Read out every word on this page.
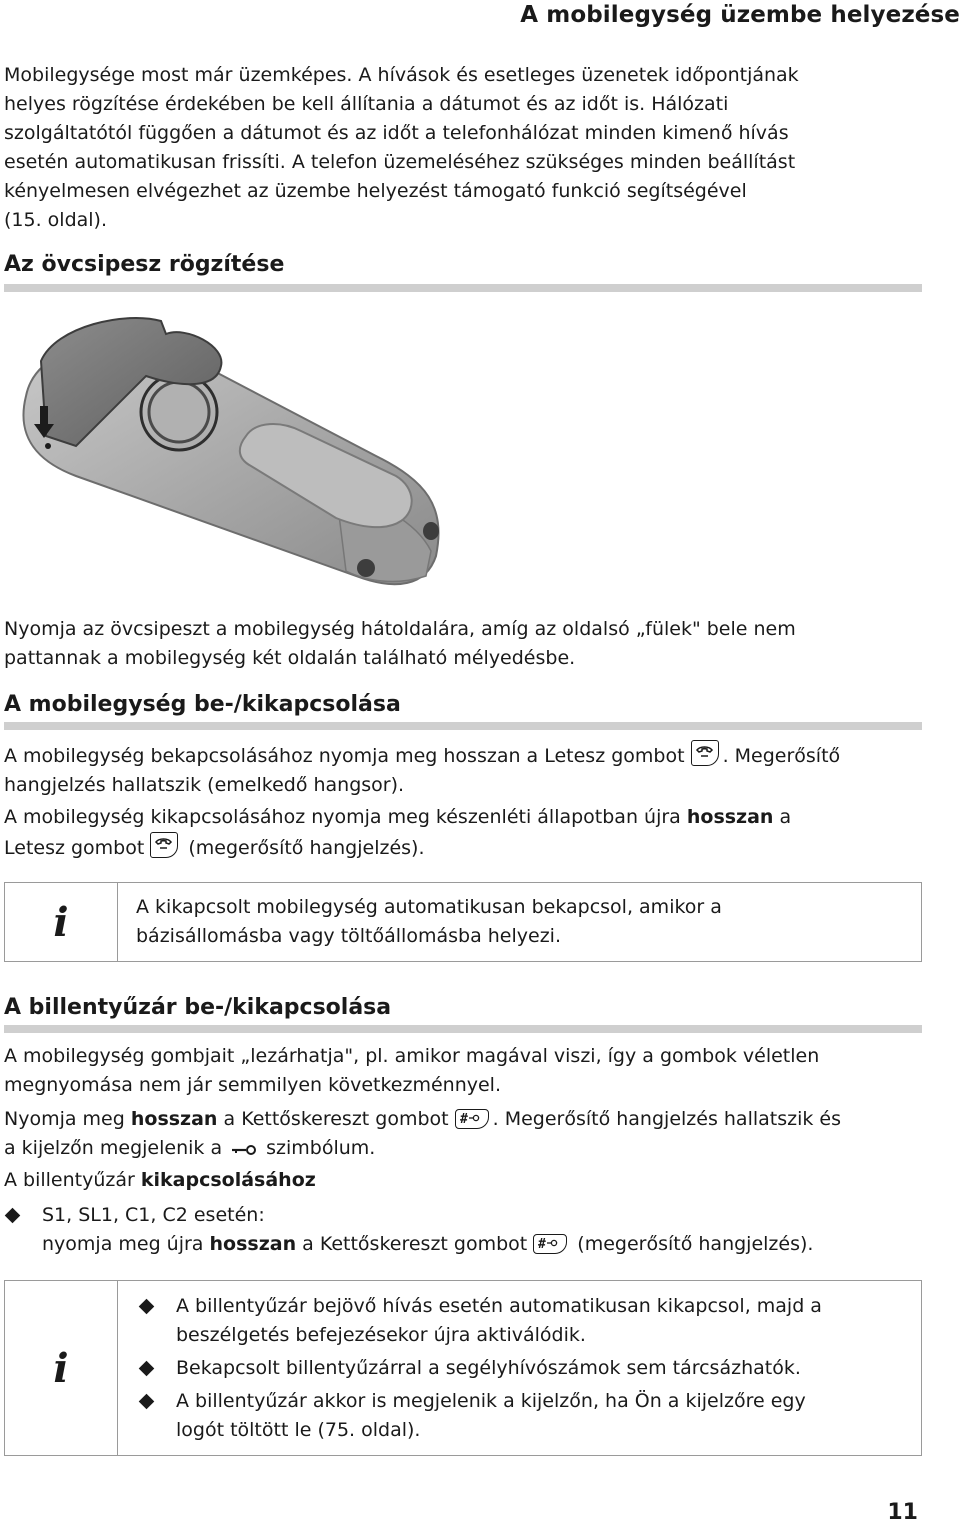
A mobilegység üzembe helyezése

Mobilegysége most már üzemképes. A hívások és esetleges üzenetek időpontjának

helyes rögzítése érdekében be kell állítania a dátumot és az időt is. Hálózati

szolgáltatótól függően a dátumot és az időt a telefonhálózat minden kimenő hívás

esetén automatikusan frissíti. A telefon üzemeléséhez szükséges minden beállítást

kényelmesen elvégezhet az üzembe helyezést támogató funkció segítségével

(15. oldal).

Az övcsipesz rögzítése

Nyomja az övcsipeszt a mobilegység hátoldalára, amíg az oldalsó „fülek" bele nem

pattannak a mobilegység két oldalán található mélyedésbe.

A mobilegység be-/kikapcsolása

A mobilegység bekapcsolásához nyomja meg hosszan a Letesz gombot . Megerősítő

hangjelzés hallatszik (emelkedő hangsor).

A mobilegység kikapcsolásához nyomja meg készenléti állapotban újra hosszan a

Letesz gombot
(megerősítő hangjelzés).

i	A kikapcsolt mobilegység automatikusan bekapcsol, amikor a

bázisállomásba vagy töltőállomásba helyezi.

A billentyűzár be-/kikapcsolása

A mobilegység gombjait „lezárhatja", pl. amikor magával viszi, így a gombok véletlen

megnyomása nem jár semmilyen következménnyel.

Nyomja meg hosszan a Kettőskereszt gombot # . Megerősítő hangjelzés hallatszik és

a kijelzőn megjelenik a szimbólum.

A billentyűzár kikapcsolásához

S1, SL1, C1, C2 esetén:
nyomja meg újra hosszan a Kettőskereszt gombot # (megerősítő hangjelzés).
i
A billentyűzár bejövő hívás esetén automatikusan kikapcsol, majd a
beszélgetés befejezésekor újra aktiválódik.
Bekapcsolt billentyűzárral a segélyhívószámok sem tárcsázhatók.
A billentyűzár akkor is megjelenik a kijelzőn, ha Ön a kijelzőre egy
logót töltött le (75. oldal).
11
